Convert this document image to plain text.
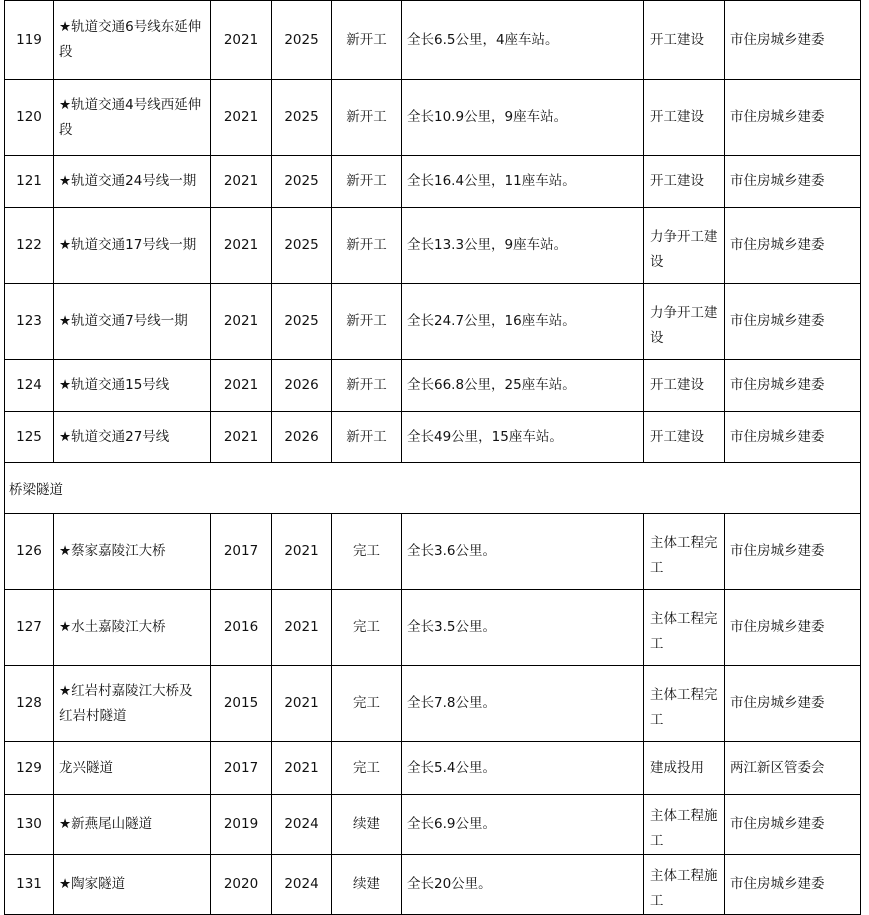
119	★轨道交通6号线东延伸段	2021	2025	新开工	全长6.5公里，4座车站。	开工建设	市住房城乡建委
120	★轨道交通4号线西延伸段	2021	2025	新开工	全长10.9公里，9座车站。	开工建设	市住房城乡建委
121	★轨道交通24号线一期	2021	2025	新开工	全长16.4公里，11座车站。	开工建设	市住房城乡建委
122	★轨道交通17号线一期	2021	2025	新开工	全长13.3公里，9座车站。	力争开工建设	市住房城乡建委
123	★轨道交通7号线一期	2021	2025	新开工	全长24.7公里，16座车站。	力争开工建设	市住房城乡建委
124	★轨道交通15号线	2021	2026	新开工	全长66.8公里，25座车站。	开工建设	市住房城乡建委
125	★轨道交通27号线	2021	2026	新开工	全长49公里，15座车站。	开工建设	市住房城乡建委

桥梁隧道							

126	★蔡家嘉陵江大桥	2017	2021	完工	全长3.6公里。	主体工程完工	市住房城乡建委
127	★水土嘉陵江大桥	2016	2021	完工	全长3.5公里。	主体工程完工	市住房城乡建委
128	★红岩村嘉陵江大桥及红岩村隧道	2015	2021	完工	全长7.8公里。	主体工程完工	市住房城乡建委
129	龙兴隧道	2017	2021	完工	全长5.4公里。	建成投用	两江新区管委会
130	★新燕尾山隧道	2019	2024	续建	全长6.9公里。	主体工程施工	市住房城乡建委
131	★陶家隧道	2020	2024	续建	全长20公里。	主体工程施工	市住房城乡建委
